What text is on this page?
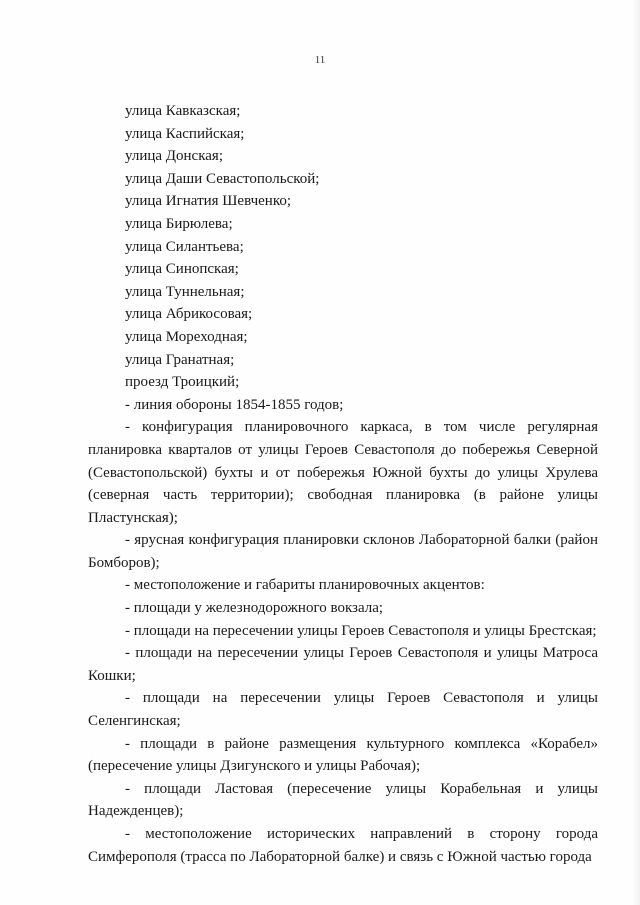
11

улица Кавказская;

улица Каспийская;

улица Донская;

улица Даши Севастопольской;

улица Игнатия Шевченко;

улица Бирюлева;

улица Силантьева;

улица Синопская;

улица Туннельная;

улица Абрикосовая;

улица Мореходная;

улица Гранатная;

проезд Троицкий;

- линия обороны 1854-1855 годов;

- конфигурация планировочного каркаса, в том числе регулярная планировка кварталов от улицы Героев Севастополя до побережья Северной (Севастопольской) бухты и от побережья Южной бухты до улицы Хрулева (северная часть территории); свободная планировка (в районе улицы Пластунская);

- ярусная конфигурация планировки склонов Лабораторной балки (район Бомборов);

- местоположение и габариты планировочных акцентов:

- площади у железнодорожного вокзала;

- площади на пересечении улицы Героев Севастополя и улицы Брестская;

- площади на пересечении улицы Героев Севастополя и улицы Матроса Кошки;

- площади на пересечении улицы Героев Севастополя и улицы Селенгинская;

- площади в районе размещения культурного комплекса «Корабел» (пересечение улицы Дзигунского и улицы Рабочая);

- площади Ластовая (пересечение улицы Корабельная и улицы Надежденцев);

- местоположение исторических направлений в сторону города Симферополя (трасса по Лабораторной балке) и связь с Южной частью города
